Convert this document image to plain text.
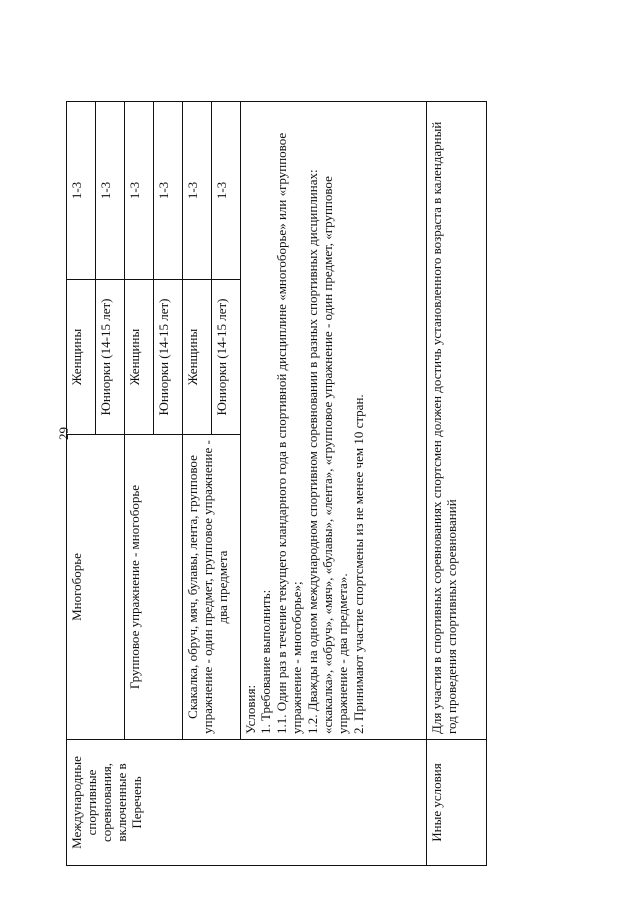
29
Международные спортивные соревнования, включенные в Перечень	Многоборье	Женщины	1-3
		Юниорки (14-15 лет)	1-3
	Групповое упражнение - многоборье	Женщины	1-3
		Юниорки (14-15 лет)	1-3
	Скакалка, обруч, мяч, булавы, лента, групповое упражнение - один предмет, групповое упражнение - два предмета	Женщины	1-3
		Юниорки (14-15 лет)	1-3

	Условия: 1. Требование выполнить: 1.1. Один раз в течение текущего кландарного года в спортивной дисциплине «многоборье» или «групповое упражнение - многоборье»; 1.2. Дважды на одном международном спортивном соревновании в разных спортивных дисциплинах: «скакалка», «обруч», «мяч», «булавы», «лента», «групповое упражнение - один предмет, «групповое упражнение - два предмета». 2. Принимают участие спортсмены из не менее чем 10 стран.		

Иные условия	Для участия в спортивных соревнованиях спортсмен должен достичь установленного возраста в календарный год проведения спортивных соревнований		
